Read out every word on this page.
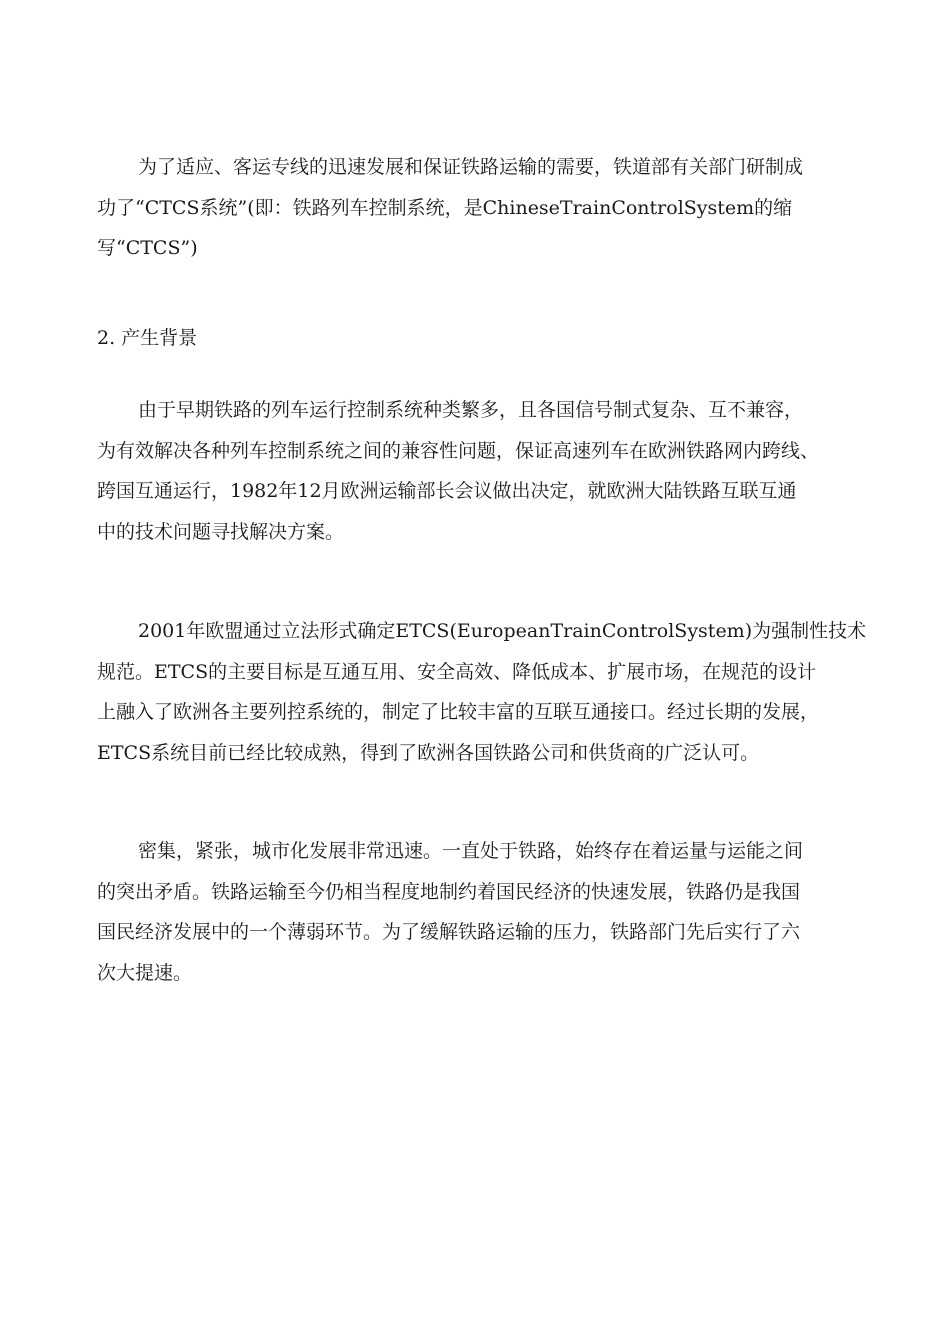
为了适应、客运专线的迅速发展和保证铁路运输的需要，铁道部有关部门研制成
功了“CTCS系统”(即：铁路列车控制系统，是ChineseTrainControlSystem的缩
写“CTCS”)
2. 产生背景
由于早期铁路的列车运行控制系统种类繁多，且各国信号制式复杂、互不兼容，
为有效解决各种列车控制系统之间的兼容性问题，保证高速列车在欧洲铁路网内跨线、
跨国互通运行，1982年12月欧洲运输部长会议做出决定，就欧洲大陆铁路互联互通
中的技术问题寻找解决方案。
2001年欧盟通过立法形式确定ETCS(EuropeanTrainControlSystem)为强制性技术
规范。ETCS的主要目标是互通互用、安全高效、降低成本、扩展市场，在规范的设计
上融入了欧洲各主要列控系统的，制定了比较丰富的互联互通接口。经过长期的发展，
ETCS系统目前已经比较成熟，得到了欧洲各国铁路公司和供货商的广泛认可。
密集，紧张，城市化发展非常迅速。一直处于铁路，始终存在着运量与运能之间
的突出矛盾。铁路运输至今仍相当程度地制约着国民经济的快速发展，铁路仍是我国
国民经济发展中的一个薄弱环节。为了缓解铁路运输的压力，铁路部门先后实行了六
次大提速。
